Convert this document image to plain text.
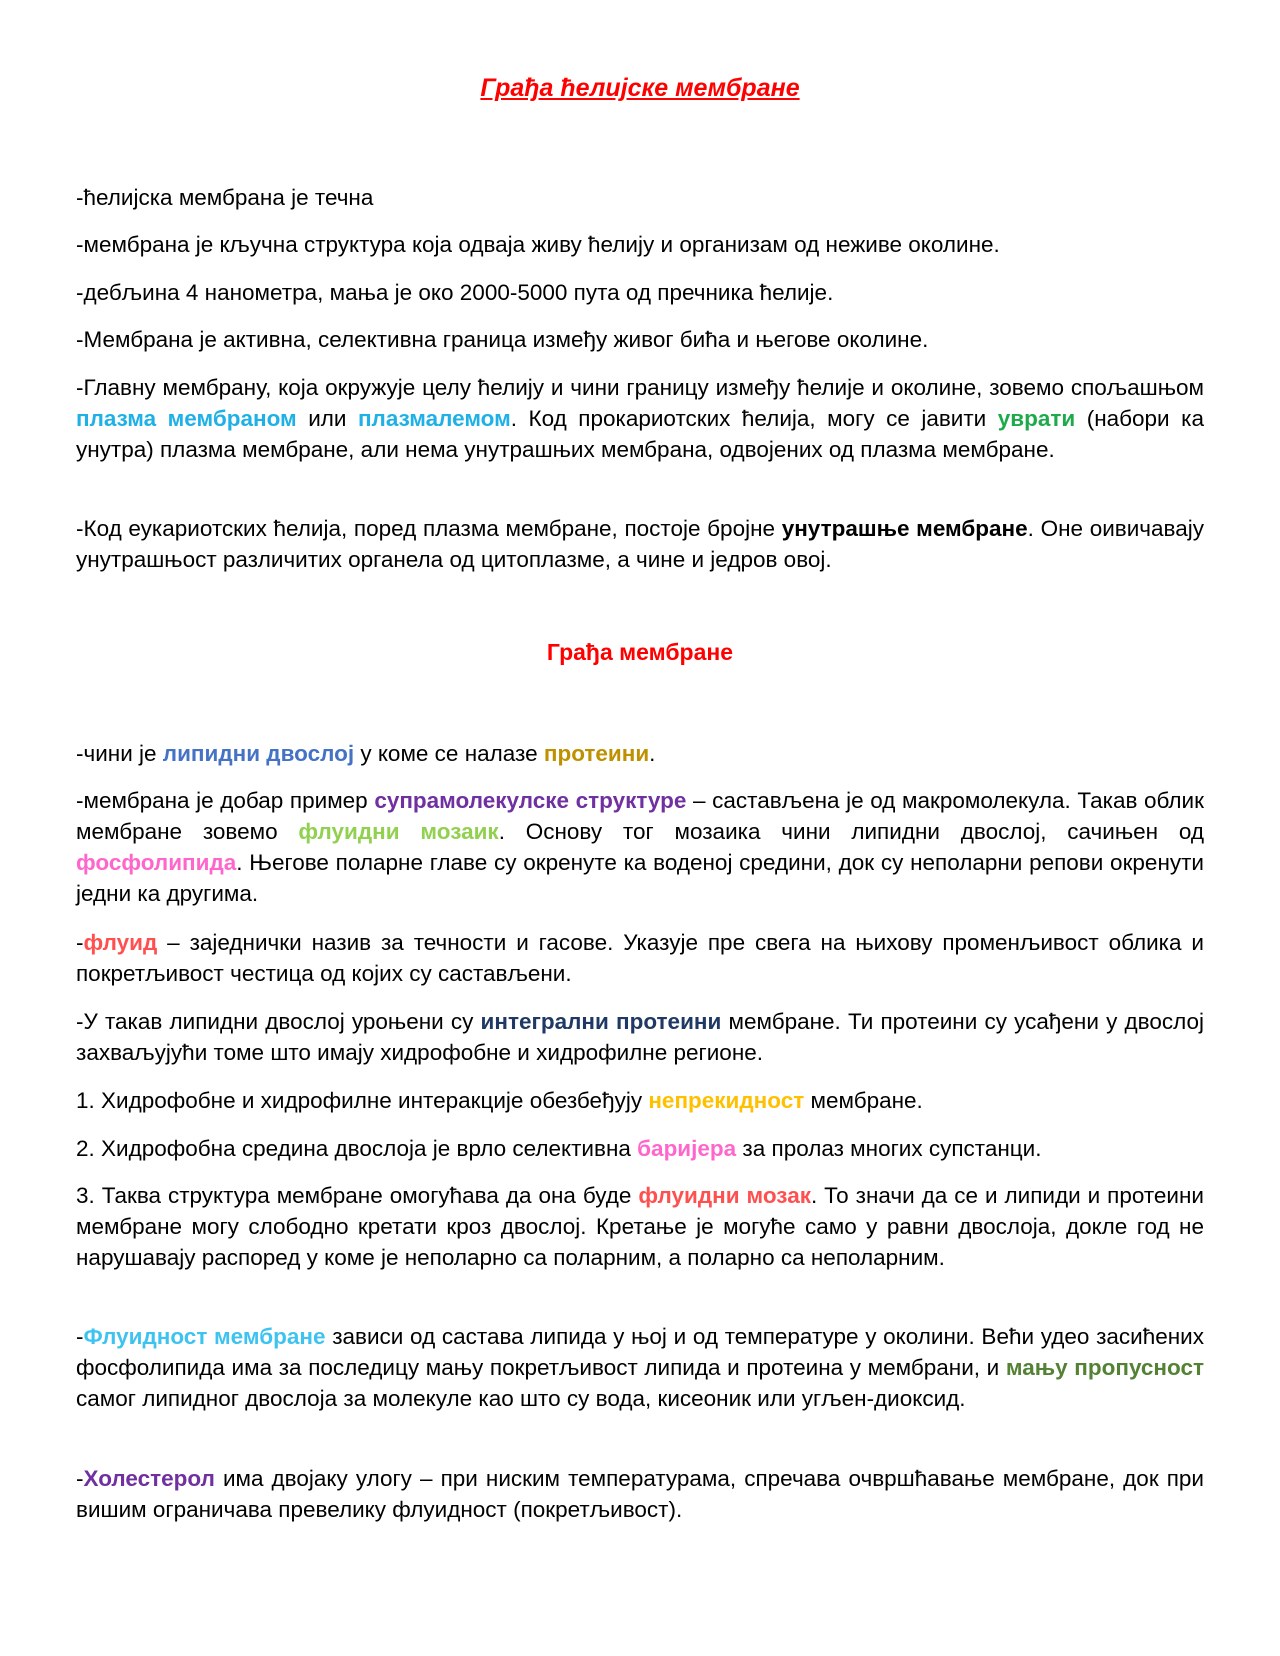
Грађа ћелијске мембране

-ћелијска мембрана је течна

-мембрана је кључна структура која одваја живу ћелију и организам од неживе околине.

-дебљина 4 нанометра, мања је око 2000-5000 пута од пречника ћелије.

-Мембрана је активна, селективна граница између живог бића и његове околине.

-Главну мембрану, која окружује целу ћелију и чини границу између ћелије и околине, зовемо спољашњом плазма мембраном или плазмалемом. Код прокариотских ћелија, могу се јавити уврати (набори ка унутра) плазма мембране, али нема унутрашњих мембрана, одвојених од плазма мембране.

-Код еукариотских ћелија, поред плазма мембране, постоје бројне унутрашње мембране. Оне оивичавају унутрашњост различитих органела од цитоплазме, а чине и једров овој.

Грађа мембране

-чини је липидни двослој у коме се налазе протеини.

-мембрана је добар пример супрамолекулске структуре – састављена је од макромолекула. Такав облик мембране зовемо флуидни мозаик. Основу тог мозаика чини липидни двослој, сачињен од фосфолипида. Његове поларне главе су окренуте ка воденој средини, док су неполарни репови окренути једни ка другима.

-флуид – заједнички назив за течности и гасове. Указује пре свега на њихову променљивост облика и покретљивост честица од којих су састављени.

-У такав липидни двослој уроњени су интегрални протеини мембране. Ти протеини су усађени у двослој захваљујући томе што имају хидрофобне и хидрофилне регионе.

1. Хидрофобне и хидрофилне интеракције обезбеђују непрекидност мембране.

2. Хидрофобна средина двослоја је врло селективна баријера за пролаз многих супстанци.

3. Таква структура мембране омогућава да она буде флуидни мозак. То значи да се и липиди и протеини мембране могу слободно кретати кроз двослој. Кретање је могуће само у равни двослоја, докле год не нарушавају распоред у коме је неполарно са поларним, а поларно са неполарним.

-Флуидност мембране зависи од састава липида у њој и од температуре у околини. Већи удео засићених фосфолипида има за последицу мању покретљивост липида и протеина у мембрани, и мању пропусност самог липидног двослоја за молекуле као што су вода, кисеоник или угљен-диоксид.

-Холестерол има двојаку улогу – при ниским температурама, спречава очвршћавање мембране, док при вишим ограничава превелику флуидност (покретљивост).
